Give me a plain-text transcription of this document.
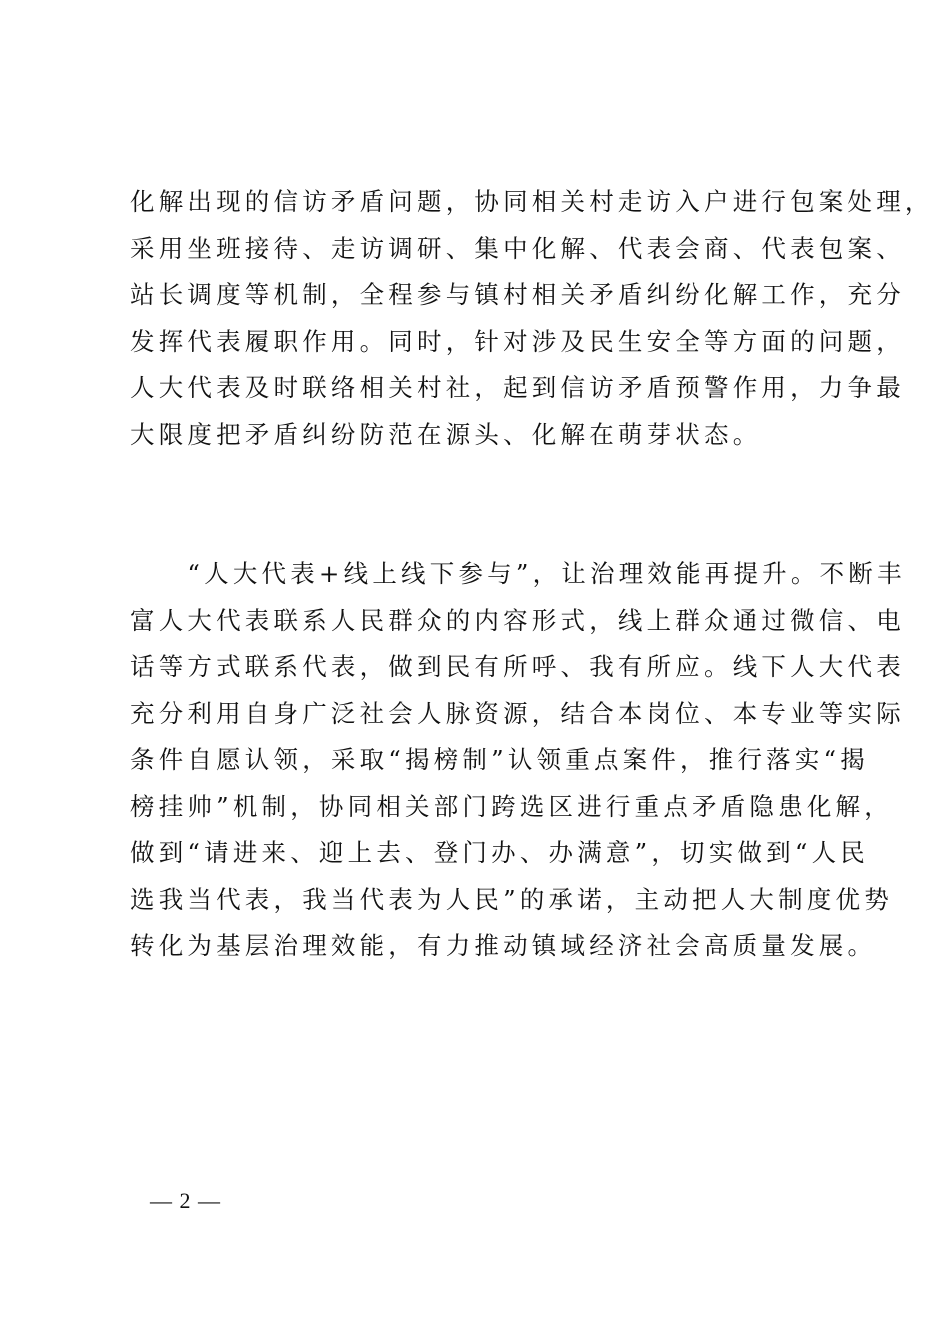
化解出现的信访矛盾问题，协同相关村走访入户进行包案处理，
采用坐班接待、走访调研、集中化解、代表会商、代表包案、
站长调度等机制，全程参与镇村相关矛盾纠纷化解工作，充分
发挥代表履职作用。同时，针对涉及民生安全等方面的问题，
人大代表及时联络相关村社，起到信访矛盾预警作用，力争最
大限度把矛盾纠纷防范在源头、化解在萌芽状态。

　　“人大代表+线上线下参与”，让治理效能再提升。不断丰
富人大代表联系人民群众的内容形式，线上群众通过微信、电
话等方式联系代表，做到民有所呼、我有所应。线下人大代表
充分利用自身广泛社会人脉资源，结合本岗位、本专业等实际
条件自愿认领，采取“揭榜制”认领重点案件，推行落实“揭
榜挂帅”机制，协同相关部门跨选区进行重点矛盾隐患化解，
做到“请进来、迎上去、登门办、办满意”，切实做到“人民
选我当代表，我当代表为人民”的承诺，主动把人大制度优势
转化为基层治理效能，有力推动镇域经济社会高质量发展。

— 2 —
